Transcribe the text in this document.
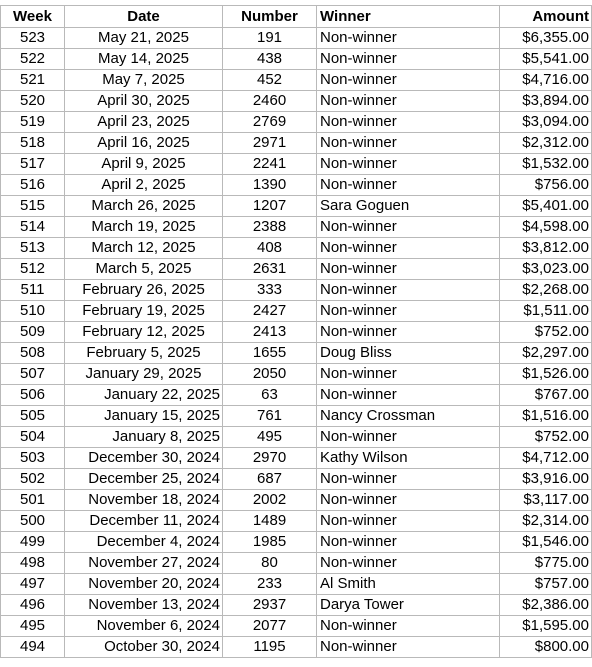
Week	Date	Number	Winner	Amount
523	May 21, 2025	191	Non-winner	$6,355.00
522	May 14, 2025	438	Non-winner	$5,541.00
521	May 7, 2025	452	Non-winner	$4,716.00
520	April 30, 2025	2460	Non-winner	$3,894.00
519	April 23, 2025	2769	Non-winner	$3,094.00
518	April 16, 2025	2971	Non-winner	$2,312.00
517	April 9, 2025	2241	Non-winner	$1,532.00
516	April 2, 2025	1390	Non-winner	$756.00
515	March 26, 2025	1207	Sara Goguen	$5,401.00
514	March 19, 2025	2388	Non-winner	$4,598.00
513	March 12, 2025	408	Non-winner	$3,812.00
512	March 5, 2025	2631	Non-winner	$3,023.00
511	February 26, 2025	333	Non-winner	$2,268.00
510	February 19, 2025	2427	Non-winner	$1,511.00
509	February 12, 2025	2413	Non-winner	$752.00
508	February 5, 2025	1655	Doug Bliss	$2,297.00
507	January 29, 2025	2050	Non-winner	$1,526.00
506	January 22, 2025	63	Non-winner	$767.00
505	January 15, 2025	761	Nancy Crossman	$1,516.00
504	January 8, 2025	495	Non-winner	$752.00
503	December 30, 2024	2970	Kathy Wilson	$4,712.00
502	December 25, 2024	687	Non-winner	$3,916.00
501	November 18, 2024	2002	Non-winner	$3,117.00
500	December 11, 2024	1489	Non-winner	$2,314.00
499	December 4, 2024	1985	Non-winner	$1,546.00
498	November 27, 2024	80	Non-winner	$775.00
497	November 20, 2024	233	Al Smith	$757.00
496	November 13, 2024	2937	Darya Tower	$2,386.00
495	November 6, 2024	2077	Non-winner	$1,595.00
494	October 30, 2024	1195	Non-winner	$800.00
